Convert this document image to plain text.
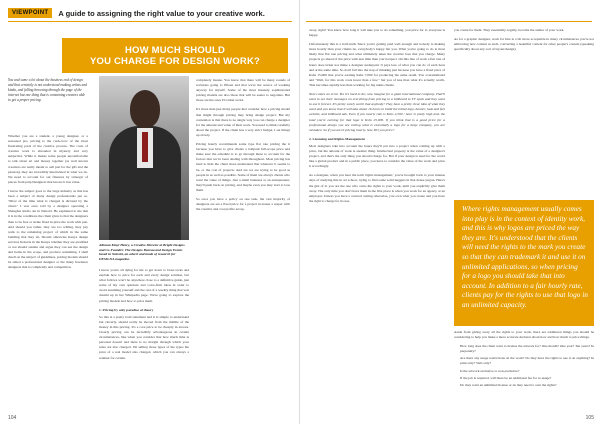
VIEWPOINT	A guide to assigning the right value to your creative work.
HOW MUCH SHOULD
YOU CHARGE FOR DESIGN WORK?
You and some a lot about the business end of design and that certainly is not understood making artists and kinda, and falling browsing through the page of the internet but one thing that is consuming creators able to get a proper pricing.

Whether you are a student, a young designer, or a seasoned pro, pricing is the cash-crow of the most frustrating parts of the creative process. The costs of creative work is shrouded in mystery and very subjective. While it makes some people uncomfortable to talk about art and money together (as well known creatives are really meant to sell just for the gift and the passion), they are incredibly intertwined in what we do. We need to account for our finances by strategic of pieces from pulp Designers that knows it has value.

I know the subject goes to the large industry as this has been a subject of many design professionals put so. "Most of the time what is charged is dictated by the client." I was once told by a designer operating a Shanghai studio out in Nairobi. He explained to me that it is in the conditions the client gives is that the designers than to be free or strike fixed in price the work with pen. And should you rather, they are too willing, they pay walk to the remaining project of which in the same building that they sit. Should otherwise Kenya design services Roberts in the Kenya whether they are qualified or not should sustain and argue they can see the design and items in the scope, and produce something. I shall dwell on the subject of guidelines, pricing models should be relied a professional designer or the many freelance designers that is completely and competition.

Athman Kinyi Henry, a Creative Director at Bright Designs and Co-Founder. The Designs Bureau and Design Events based in Nairobi, an advert and made of research for DESIGNA magazine.

I know you're all dying for me to get down to brass tacks and explain how to price for each and every design solution, but what follows won't be anywhere close to a definitive guide, just some of my own opinions and voice-firm ideas in order to avoid assuming yourself and the rest of a weekly thing that was dreamt up in her Wikipedia page. We're going to explore the pricing models and how to price them.

1. Pricing by only paradise of theory

So this is a pretty bold statement and it is simple to understand but cleverly, should really be moved from the middle of the money in this pricing. It's a core price to be cheaply in arrears. Clearly pricing can be incredibly advantageous in certain circumstances, like when you consider that how much time is personal doesn't and there is no margin through which your sales are also charged. I'm selling those types of the types the price of a real model also charged, which you can always a retainer for certain.

completely insane. You know that there will be many rounds of revisions going to fifteen and that we're the source of working anyway for myself. Some of the most insanely sophisticated pricing models are also those that will be easier to negotiate. But those are the ones I'd rather avoid.

It's more than just many people that consider how a pricing model that might through pricing may bring design project. But my contention is that there is no single way you can charge a designer for the amount and value of their work. You need to think carefully about the project. If the client has a very strict budget, I set things up slowly.

Pricing hourly recommends some type flat rate pricing the it because you have to give clients a ballpark full-scope price and make sure the schedule is to go through these to account for the factors that we've been dealing with throughout. Most pricing has tried to hide the client more understand that whatever it seems to be, or the cost of projects. And are we are trying to be good as people in as well as possible. Some of them are always clients who want the value of things. Just a small business or an entrepreneur, they'll push back on pricing, and maybe even you may start to lose them.

So once you have a policy on one task, the vast majority of designers are set a fixed price for a project in-house a reaper with the creative and cost profile set up.

away, right? You know how long it will take you to do something, you price for it, everyone is happy.

Unfortunately this is a half-truth. Since you're getting paid well enough and nobody is making more hourly than your clients do, everybody's happy but you. What you're going to do is most likely that flat rate pricing and what ultimately takes the creative fees that you charge. Many projects go ahead of the price with less time than you'd expect. On this line of work a flat rate of hours does ticket not make a designer underpaid. It pays less of what you can do of each hour and at the same time. So don't fall into the trap of thinking just because you have a fixed price of Kshs 15,000 that you're earning Kshs 7,000 for producing the same result. You overestimated and "Well, for this work costs fewer than a few," but you of less than what it's actually worth. This becomes sapidly less than working for big name clients.

Next comes an error. Yes it's hard to do; now imagine for a giant international company. That'll want to see their messages on everything from pricing to a billboard to TV spots and they want to use it forever. It's pretty surely worth that anybody? They have a pretty clear idea of what they want and you know that it will take about 16 hours to build the initial logo, banner, look and feel website, and billboard ads. Even if you hourly rate is Kshs 2,500 / hour is pretty high and, the total you're earning for that logo is Kshs 25,000. If you think that is a good price for a professional design you are cutting what is essentially a logo for a large company, you are mistaken. So if you aren't pricing hourly, how DO you price?

2. Licensing and Rights-Management

Most designers take into account the hours they'll put into a project when coming up with a price, but the amount of work is another thing. Intellectual property is the value of a designer's project, and that's the only thing you should charge for. But if your design is used for the world like a global product and in a public place, you have to consider the value of the work and price it accordingly.

As a designer, when you hear the term 'rights management,' you're brought back to your intense days of studying this in art school, trying to find some solid nuggets in that dense jargon. Here's the gist of it: you are the one who owns the rights to your work, until you explicitly give them away. The only time you don't have them in the first place is when you work for an agency or an employer. Unless you have a contract stating otherwise, you own what you create and you have the right to charge for its use.

you create for them. They essentially, legally, become the author of your work.

As for a graphic designer, work for hire is a bit more acceptable in many circumstances you're not embracing new content as such, converting a beautiful content for other people's content (speaking specifically about any sort of layout/design).

Where rights management usually comes into play is in the context of identity work, and this is why logos are priced the way they are. It's understood that the clients will need the rights to the mark you create so that they can trademark it and use it on unlimited applications, so when pricing for a logo you should take that into account. In addition to a fair hourly rate, clients pay for the rights to use that logo in an unlimited capacity.

Aside from giving away all the rights to your work, there are additional things you should be considering to help you make a more accurate decision about how and how much to price things.

• How long does the client want to license the artwork for? One month? One year? Ten years? In perpetuity?
• Are there any usage restrictions on the work? Do they have the rights to use it on anything? In print only? Web only?
• Is the artwork exclusive or non-exclusive?
• If the job is required, will there be an additional fee for re-usage?
• Do they want an unlimited license or do they need to own the rights?
104	105
